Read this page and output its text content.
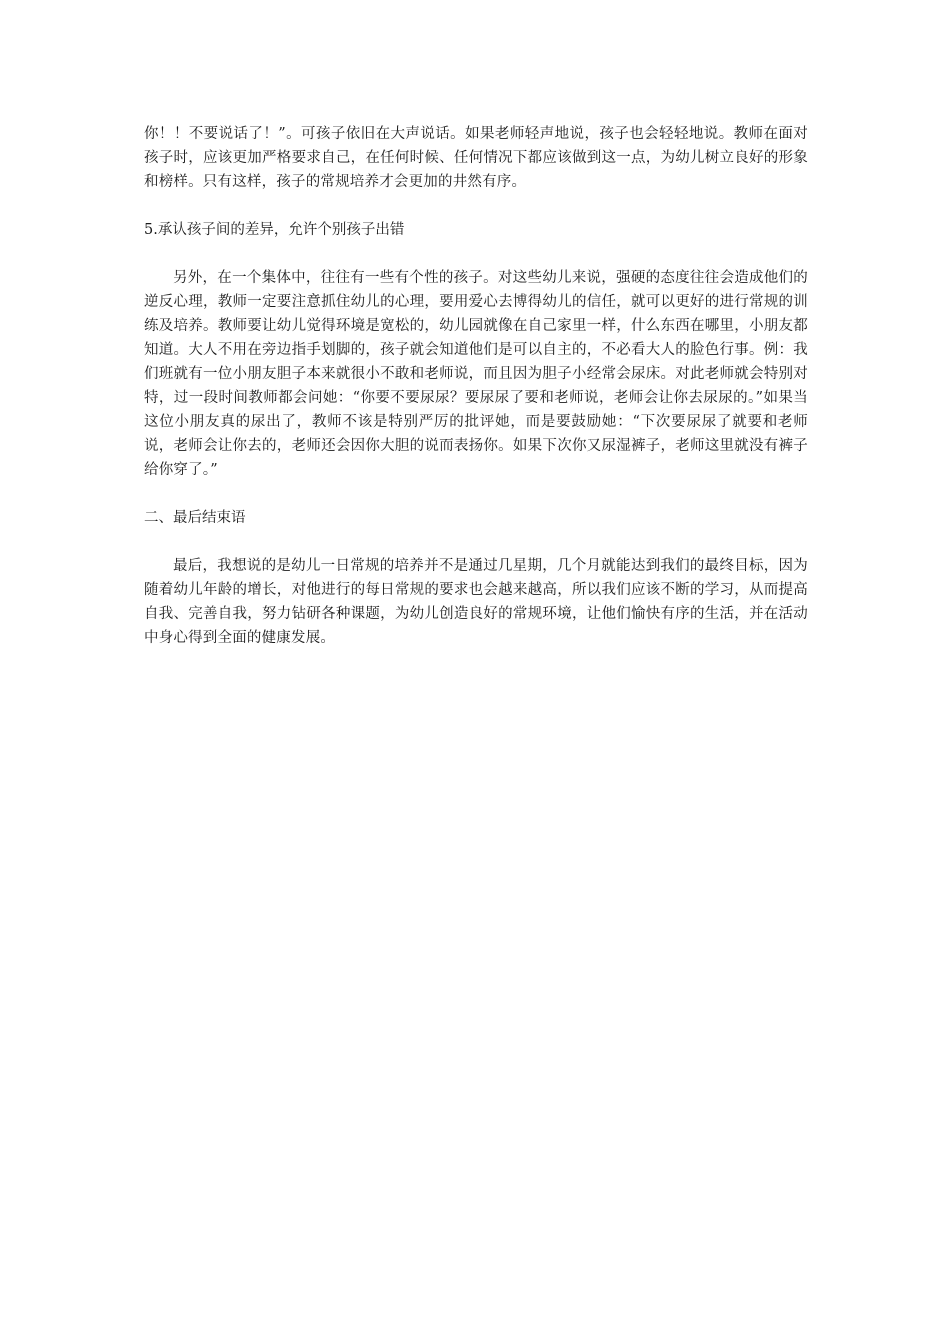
你！！不要说话了！”。可孩子依旧在大声说话。如果老师轻声地说，孩子也会轻轻地说。教师在面对孩子时，应该更加严格要求自己，在任何时候、任何情况下都应该做到这一点，为幼儿树立良好的形象和榜样。只有这样，孩子的常规培养才会更加的井然有序。

5.承认孩子间的差异，允许个别孩子出错

另外，在一个集体中，往往有一些有个性的孩子。对这些幼儿来说，强硬的态度往往会造成他们的逆反心理，教师一定要注意抓住幼儿的心理，要用爱心去博得幼儿的信任，就可以更好的进行常规的训练及培养。教师要让幼儿觉得环境是宽松的，幼儿园就像在自己家里一样，什么东西在哪里，小朋友都知道。大人不用在旁边指手划脚的，孩子就会知道他们是可以自主的，不必看大人的脸色行事。例：我们班就有一位小朋友胆子本来就很小不敢和老师说，而且因为胆子小经常会尿床。对此老师就会特别对特，过一段时间教师都会问她：“你要不要尿尿？要尿尿了要和老师说，老师会让你去尿尿的。”如果当这位小朋友真的尿出了，教师不该是特别严厉的批评她，而是要鼓励她：“下次要尿尿了就要和老师说，老师会让你去的，老师还会因你大胆的说而表扬你。如果下次你又尿湿裤子，老师这里就没有裤子给你穿了。”

二、最后结束语

最后，我想说的是幼儿一日常规的培养并不是通过几星期，几个月就能达到我们的最终目标，因为随着幼儿年龄的增长，对他进行的每日常规的要求也会越来越高，所以我们应该不断的学习，从而提高自我、完善自我，努力钻研各种课题，为幼儿创造良好的常规环境，让他们愉快有序的生活，并在活动中身心得到全面的健康发展。
